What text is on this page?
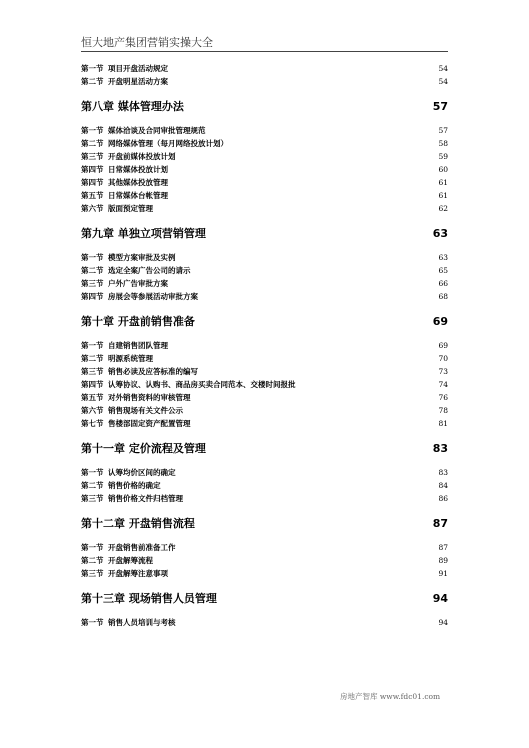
恒大地产集团营销实操大全
第一节 项目开盘活动规定	54
第二节 开盘明星活动方案	54
第八章 媒体管理办法	57
第一节 媒体洽谈及合同审批管理规范	57
第二节 网络媒体管理（每月网络投放计划）	58
第三节 开盘前媒体投放计划	59
第四节 日常媒体投放计划	60
第四节 其他媒体投放管理	61
第五节 日常媒体台帐管理	61
第六节 版面预定管理	62
第九章 单独立项营销管理	63
第一节 模型方案审批及实例	63
第二节 选定全案广告公司的请示	65
第三节 户外广告审批方案	66
第四节 房展会等参展活动审批方案	68
第十章 开盘前销售准备	69
第一节 自建销售团队管理	69
第二节 明源系统管理	70
第三节 销售必读及应答标准的编写	73
第四节 认筹协议、认购书、商品房买卖合同范本、交楼时间报批	74
第五节 对外销售资料的审核管理	76
第六节 销售现场有关文件公示	78
第七节 售楼部固定资产配置管理	81
第十一章 定价流程及管理	83
第一节 认筹均价区间的确定	83
第二节 销售价格的确定	84
第三节 销售价格文件归档管理	86
第十二章 开盘销售流程	87
第一节 开盘销售前准备工作	87
第二节 开盘解筹流程	89
第三节 开盘解筹注意事项	91
第十三章 现场销售人员管理	94
第一节 销售人员培训与考核	94
房地产智库 www.fdc01.com
